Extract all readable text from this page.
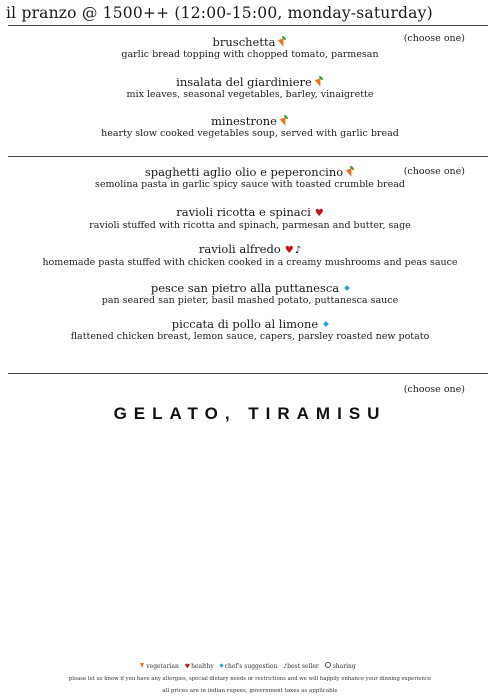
il pranzo @ 1500++ (12:00-15:00, monday-saturday)
(choose one)
bruschetta
garlic bread topping with chopped tomato, parmesan
insalata del giardiniere
mix leaves, seasonal vegetables, barley, vinaigrette
minestrone
hearty slow cooked vegetables soup, served with garlic bread
(choose one)
spaghetti aglio olio e peperoncino
semolina pasta in garlic spicy sauce with toasted crumble bread
ravioli ricotta e spinaci ♥
ravioli stuffed with ricotta and spinach, parmesan and butter, sage
ravioli alfredo ♥♪
homemade pasta stuffed with chicken cooked in a creamy mushrooms and peas sauce
pesce san pietro alla puttanesca
pan seared san pieter, basil mashed potato, puttanesca sauce
piccata di pollo al limone
flattened chicken breast, lemon sauce, capers, parsley roasted new potato
(choose one)
GELATO, TIRAMISU
vegetarian ♥healthy chef's suggestion ♪best seller sharing
please let us know if you have any allergies, special dietary needs or restrictions and we will happily enhance your dinning experience
all prices are in indian rupees, government taxes as applicable
